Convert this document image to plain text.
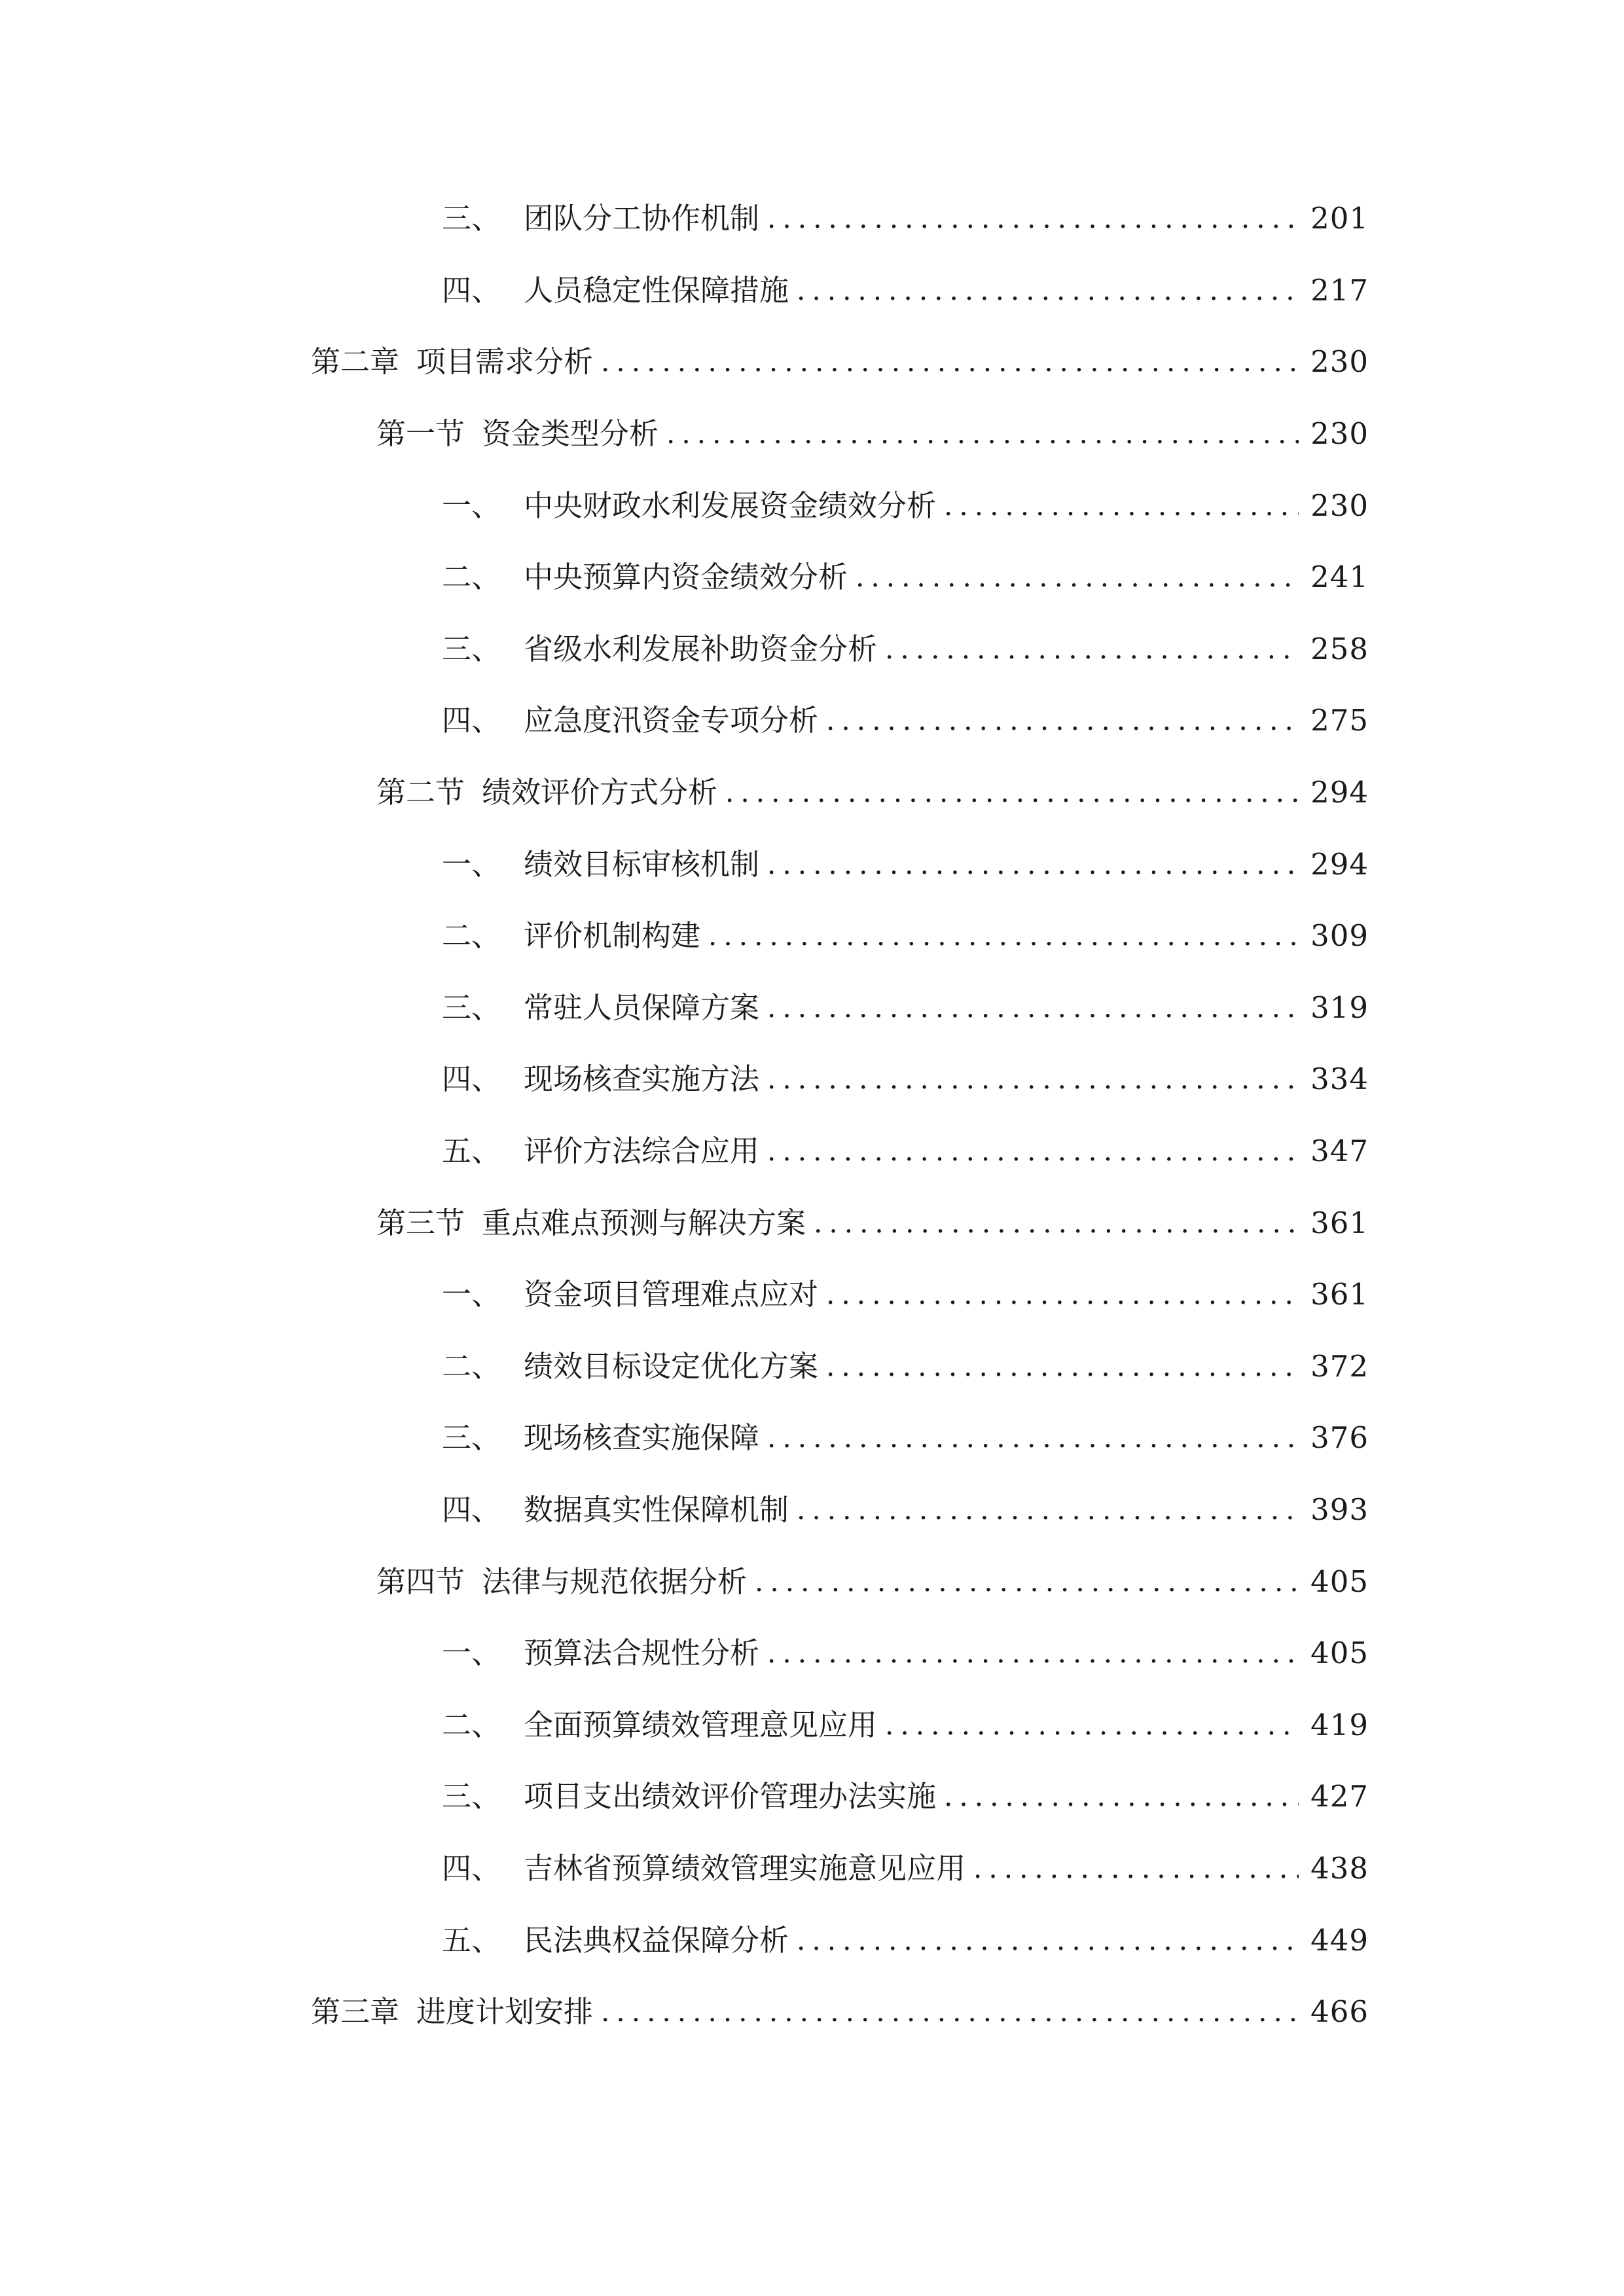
三、 团队分工协作机制 .....	201
四、 人员稳定性保障措施 .....	217
第二章 项目需求分析 .....	230
第一节 资金类型分析 .....	230
一、 中央财政水利发展资金绩效分析 .....	230
二、 中央预算内资金绩效分析 .....	241
三、 省级水利发展补助资金分析 .....	258
四、 应急度汛资金专项分析 .....	275
第二节 绩效评价方式分析 .....	294
一、 绩效目标审核机制 .....	294
二、 评价机制构建 .....	309
三、 常驻人员保障方案 .....	319
四、 现场核查实施方法 .....	334
五、 评价方法综合应用 .....	347
第三节 重点难点预测与解决方案 .....	361
一、 资金项目管理难点应对 .....	361
二、 绩效目标设定优化方案 .....	372
三、 现场核查实施保障 .....	376
四、 数据真实性保障机制 .....	393
第四节 法律与规范依据分析 .....	405
一、 预算法合规性分析 .....	405
二、 全面预算绩效管理意见应用 .....	419
三、 项目支出绩效评价管理办法实施 .....	427
四、 吉林省预算绩效管理实施意见应用 .....	438
五、 民法典权益保障分析 .....	449
第三章 进度计划安排 .....	466
